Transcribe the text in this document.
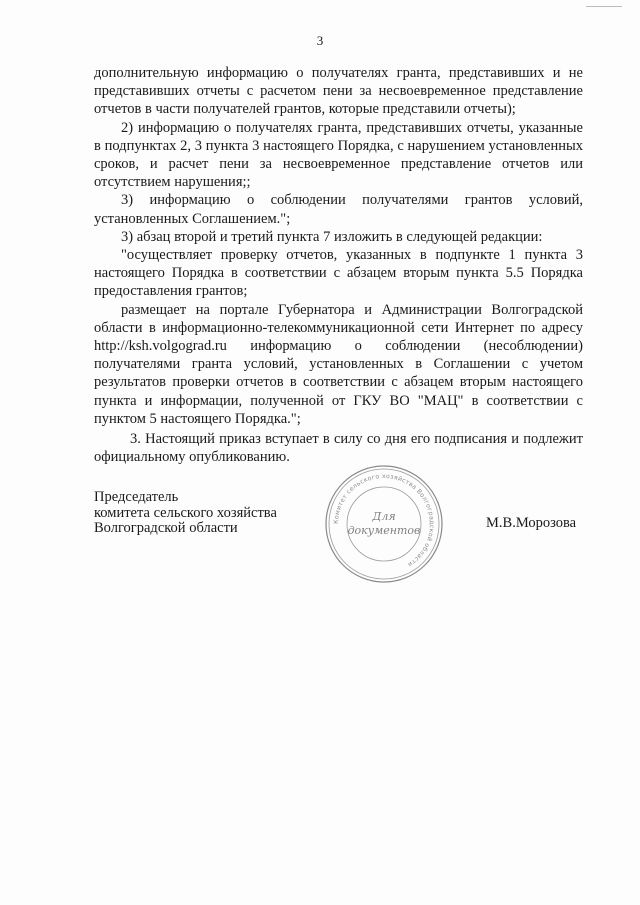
3

дополнительную информацию о получателях гранта, представивших и не представивших отчеты с расчетом пени за несвоевременное представление отчетов в части получателей грантов, которые представили отчеты);

2) информацию о получателях гранта, представивших отчеты, указанные в подпунктах 2, 3 пункта 3 настоящего Порядка, с нарушением установленных сроков, и расчет пени за несвоевременное представление отчетов или отсутствием нарушения;;

3) информацию о соблюдении получателями грантов условий, установленных Соглашением.";

3) абзац второй и третий пункта 7 изложить в следующей редакции:

"осуществляет проверку отчетов, указанных в подпункте 1 пункта 3 настоящего Порядка в соответствии с абзацем вторым пункта 5.5 Порядка предоставления грантов;

размещает на портале Губернатора и Администрации Волгоградской области в информационно-телекоммуникационной сети Интернет по адресу http://ksh.volgograd.ru информацию о соблюдении (несоблюдении) получателями гранта условий, установленных в Соглашении с учетом результатов проверки отчетов в соответствии с абзацем вторым настоящего пункта и информации, полученной от ГКУ ВО "МАЦ" в соответствии с пунктом 5 настоящего Порядка.";

3. Настоящий приказ вступает в силу со дня его подписания и подлежит официальному опубликованию.

Председатель
комитета сельского хозяйства
Волгоградской области	Комитет сельского хозяйства Волгоградской области
Для
документов	М.В.Морозова
